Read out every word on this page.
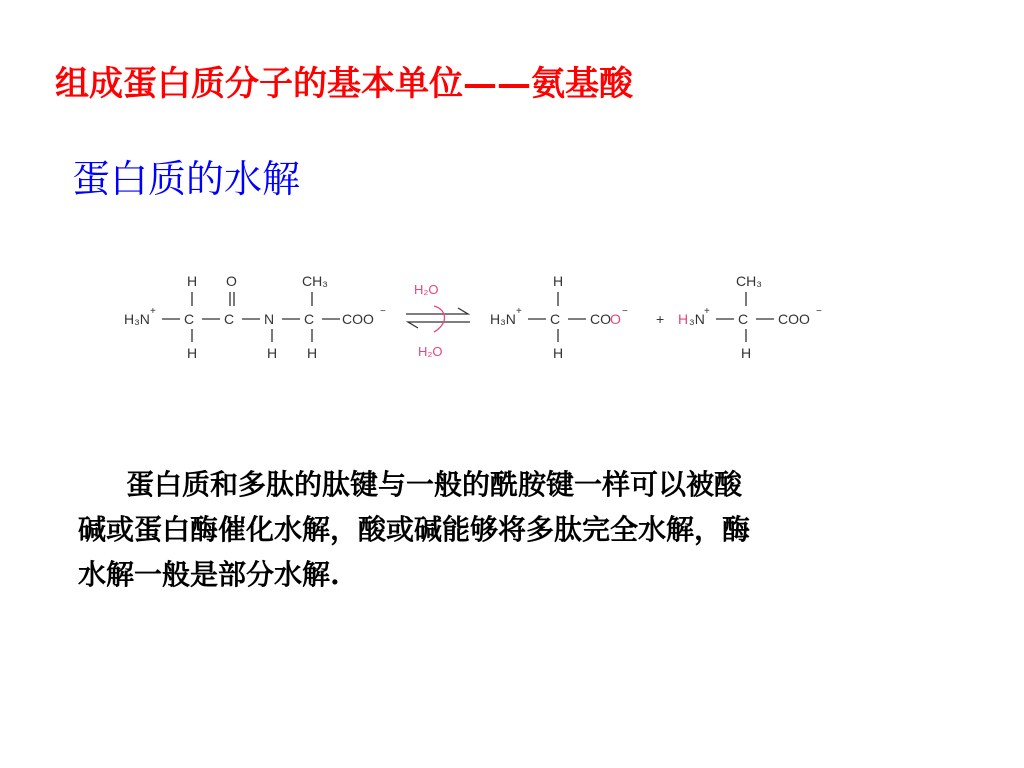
组成蛋白质分子的基本单位——氨基酸
蛋白质的水解
H₃N + C
H
H
C
O
N
H
C
CH₃
H
COO −
H₂O
H₂O
H₃N + C
H
H
CO O − + H ₃N + C
CH₃
H
COO −
蛋白质和多肽的肽键与一般的酰胺键一样可以被酸
碱或蛋白酶催化水解，酸或碱能够将多肽完全水解，酶
水解一般是部分水解.
